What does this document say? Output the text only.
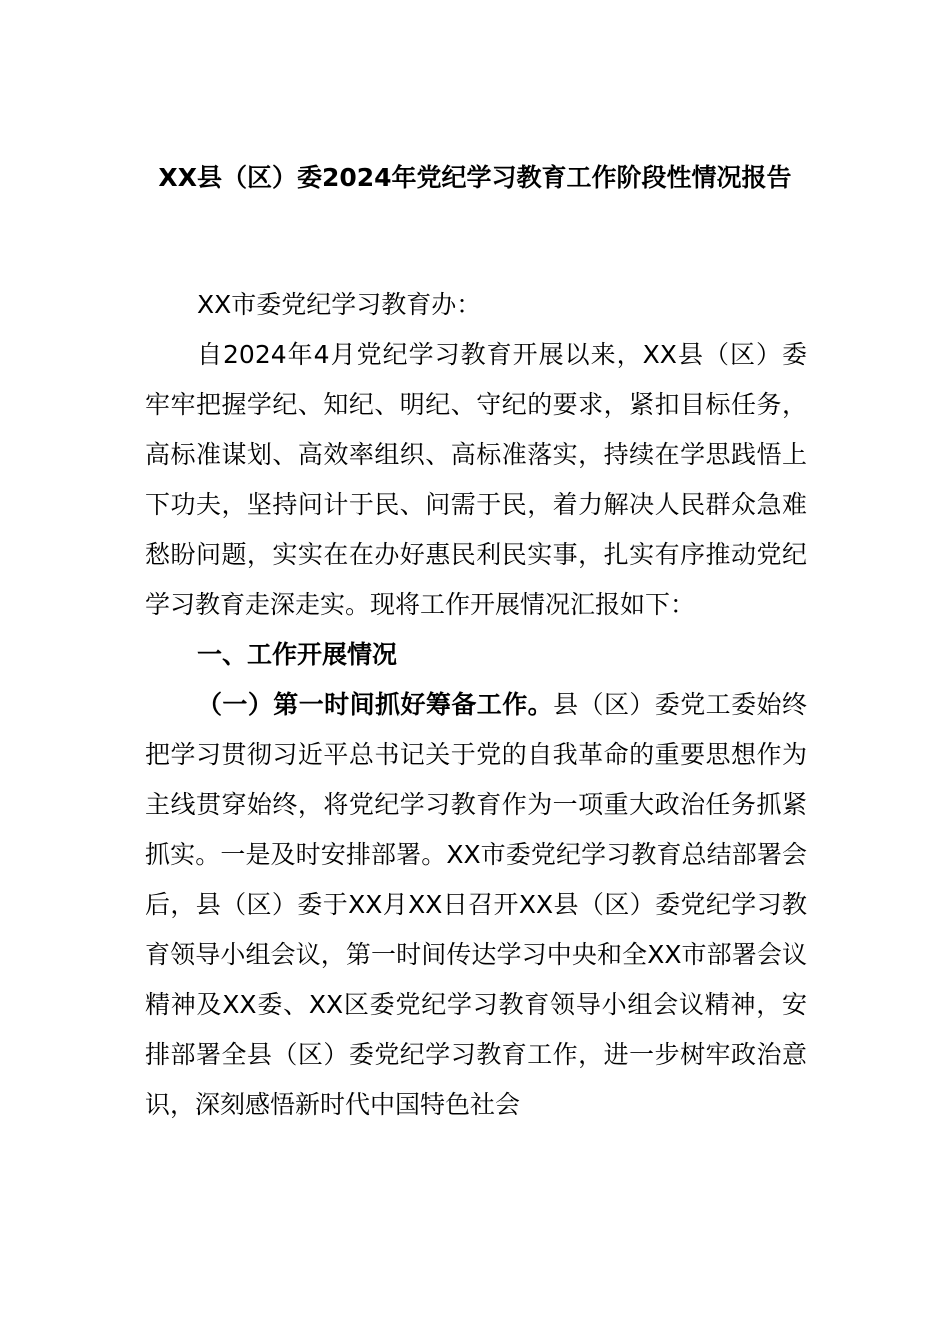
XX县（区）委2024年党纪学习教育工作阶段性情况报告

XX市委党纪学习教育办：

自2024年4月党纪学习教育开展以来，XX县（区）委牢牢把握学纪、知纪、明纪、守纪的要求，紧扣目标任务，高标准谋划、高效率组织、高标准落实，持续在学思践悟上下功夫，坚持问计于民、问需于民，着力解决人民群众急难愁盼问题，实实在在办好惠民利民实事，扎实有序推动党纪学习教育走深走实。现将工作开展情况汇报如下：

一、工作开展情况

（一）第一时间抓好筹备工作。县（区）委党工委始终把学习贯彻习近平总书记关于党的自我革命的重要思想作为主线贯穿始终，将党纪学习教育作为一项重大政治任务抓紧抓实。一是及时安排部署。XX市委党纪学习教育总结部署会后，县（区）委于XX月XX日召开XX县（区）委党纪学习教育领导小组会议，第一时间传达学习中央和全XX市部署会议精神及XX委、XX区委党纪学习教育领导小组会议精神，安排部署全县（区）委党纪学习教育工作，进一步树牢政治意识，深刻感悟新时代中国特色社会
